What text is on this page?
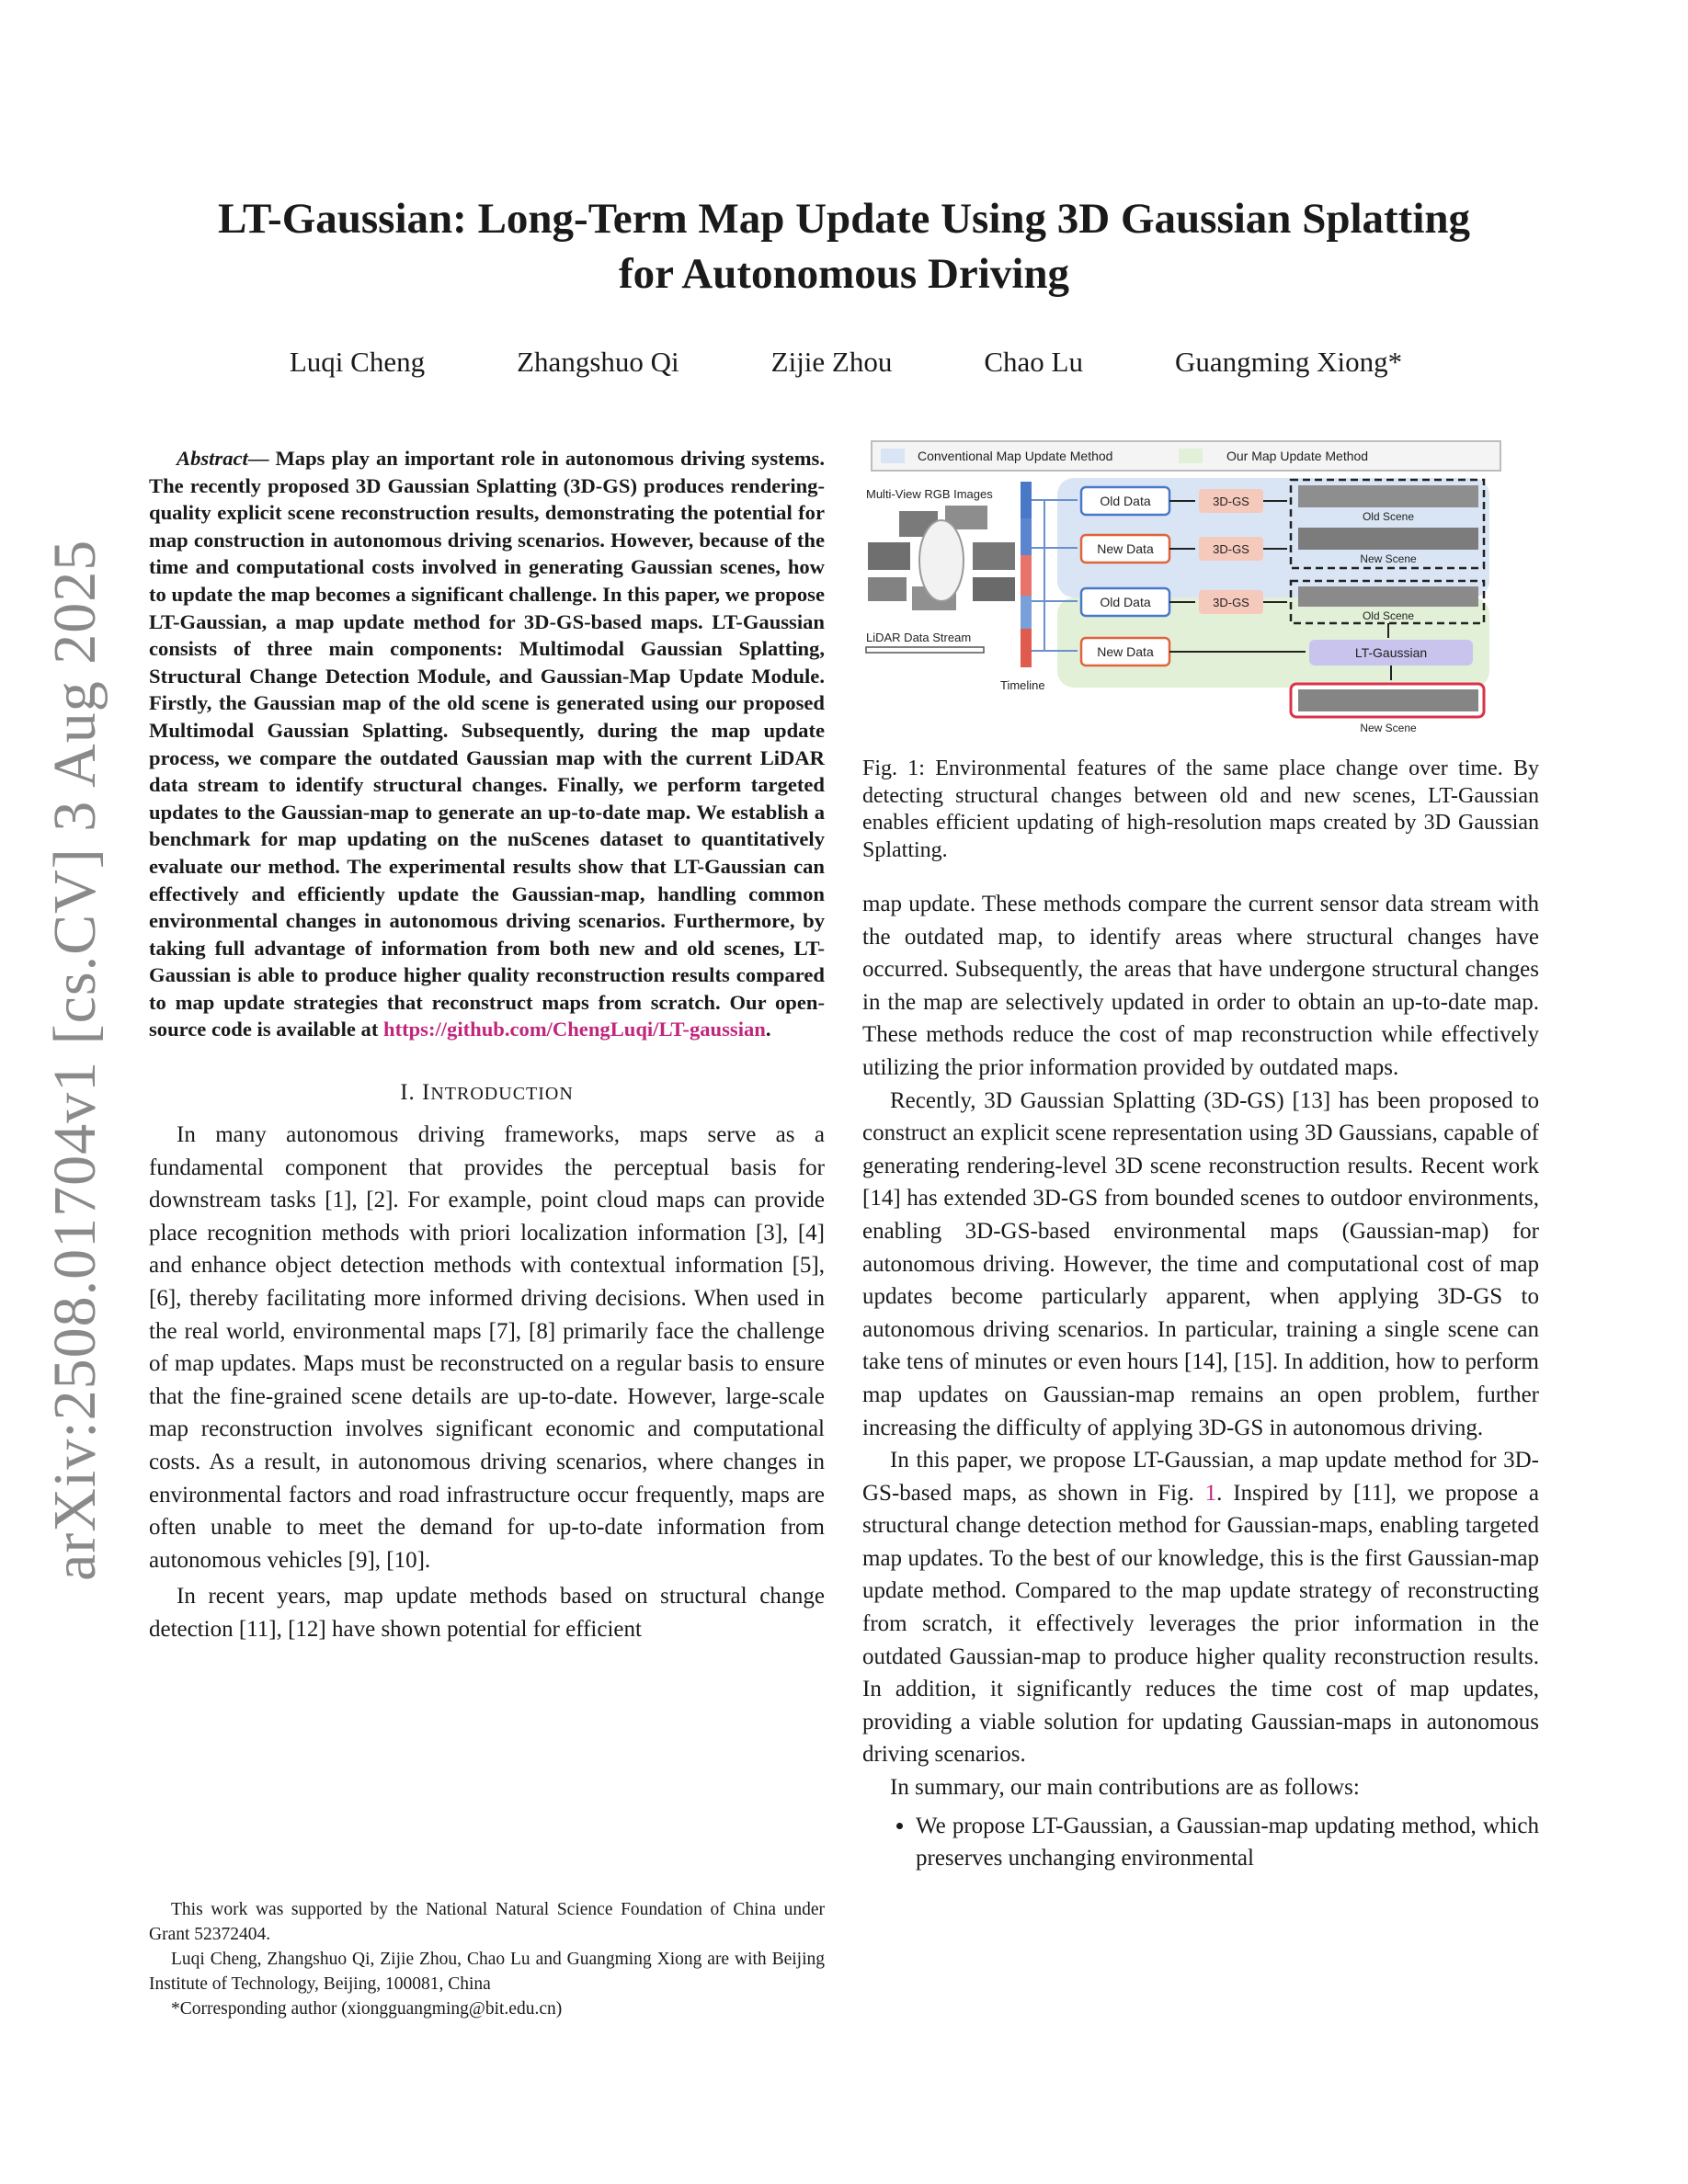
arXiv:2508.01704v1 [cs.CV] 3 Aug 2025
LT-Gaussian: Long-Term Map Update Using 3D Gaussian Splatting
for Autonomous Driving
Luqi Cheng	Zhangshuo Qi	Zijie Zhou	Chao Lu	Guangming Xiong*

Abstract— Maps play an important role in autonomous driving systems. The recently proposed 3D Gaussian Splatting (3D-GS) produces rendering-quality explicit scene reconstruction results, demonstrating the potential for map construction in autonomous driving scenarios. However, because of the time and computational costs involved in generating Gaussian scenes, how to update the map becomes a significant challenge. In this paper, we propose LT-Gaussian, a map update method for 3D-GS-based maps. LT-Gaussian consists of three main components: Multimodal Gaussian Splatting, Structural Change Detection Module, and Gaussian-Map Update Module. Firstly, the Gaussian map of the old scene is generated using our proposed Multimodal Gaussian Splatting. Subsequently, during the map update process, we compare the outdated Gaussian map with the current LiDAR data stream to identify structural changes. Finally, we perform targeted updates to the Gaussian-map to generate an up-to-date map. We establish a benchmark for map updating on the nuScenes dataset to quantitatively evaluate our method. The experimental results show that LT-Gaussian can effectively and efficiently update the Gaussian-map, handling common environmental changes in autonomous driving scenarios. Furthermore, by taking full advantage of information from both new and old scenes, LT-Gaussian is able to produce higher quality reconstruction results compared to map update strategies that reconstruct maps from scratch. Our open-source code is available at https://github.com/ChengLuqi/LT-gaussian.

I. INTRODUCTION

In many autonomous driving frameworks, maps serve as a fundamental component that provides the perceptual basis for downstream tasks [1], [2]. For example, point cloud maps can provide place recognition methods with priori localization information [3], [4] and enhance object detection methods with contextual information [5], [6], thereby facilitating more informed driving decisions. When used in the real world, environmental maps [7], [8] primarily face the challenge of map updates. Maps must be reconstructed on a regular basis to ensure that the fine-grained scene details are up-to-date. However, large-scale map reconstruction involves significant economic and computational costs. As a result, in autonomous driving scenarios, where changes in environmental factors and road infrastructure occur frequently, maps are often unable to meet the demand for up-to-date information from autonomous vehicles [9], [10].

In recent years, map update methods based on structural change detection [11], [12] have shown potential for efficient

This work was supported by the National Natural Science Foundation of China under Grant 52372404.

Luqi Cheng, Zhangshuo Qi, Zijie Zhou, Chao Lu and Guangming Xiong are with Beijing Institute of Technology, Beijing, 100081, China

*Corresponding author (xiongguangming@bit.edu.cn)

Conventional Map Update Method	Our Map Update Method
Multi-View RGB Images
LiDAR Data Stream
Timeline
Old Data
New Data
3D-GS
3D-GS
Old Scene
New Scene
Old Data	3D-GS
Old Scene
New Data	LT-Gaussian
New Scene
Fig. 1: Environmental features of the same place change over time. By detecting structural changes between old and new scenes, LT-Gaussian enables efficient updating of high-resolution maps created by 3D Gaussian Splatting.

map update. These methods compare the current sensor data stream with the outdated map, to identify areas where structural changes have occurred. Subsequently, the areas that have undergone structural changes in the map are selectively updated in order to obtain an up-to-date map. These methods reduce the cost of map reconstruction while effectively utilizing the prior information provided by outdated maps.

Recently, 3D Gaussian Splatting (3D-GS) [13] has been proposed to construct an explicit scene representation using 3D Gaussians, capable of generating rendering-level 3D scene reconstruction results. Recent work [14] has extended 3D-GS from bounded scenes to outdoor environments, enabling 3D-GS-based environmental maps (Gaussian-map) for autonomous driving. However, the time and computational cost of map updates become particularly apparent, when applying 3D-GS to autonomous driving scenarios. In particular, training a single scene can take tens of minutes or even hours [14], [15]. In addition, how to perform map updates on Gaussian-map remains an open problem, further increasing the difficulty of applying 3D-GS in autonomous driving.

In this paper, we propose LT-Gaussian, a map update method for 3D-GS-based maps, as shown in Fig. 1. Inspired by [11], we propose a structural change detection method for Gaussian-maps, enabling targeted map updates. To the best of our knowledge, this is the first Gaussian-map update method. Compared to the map update strategy of reconstructing from scratch, it effectively leverages the prior information in the outdated Gaussian-map to produce higher quality reconstruction results. In addition, it significantly reduces the time cost of map updates, providing a viable solution for updating Gaussian-maps in autonomous driving scenarios.

In summary, our main contributions are as follows:

• We propose LT-Gaussian, a Gaussian-map updating method, which preserves unchanging environmental
